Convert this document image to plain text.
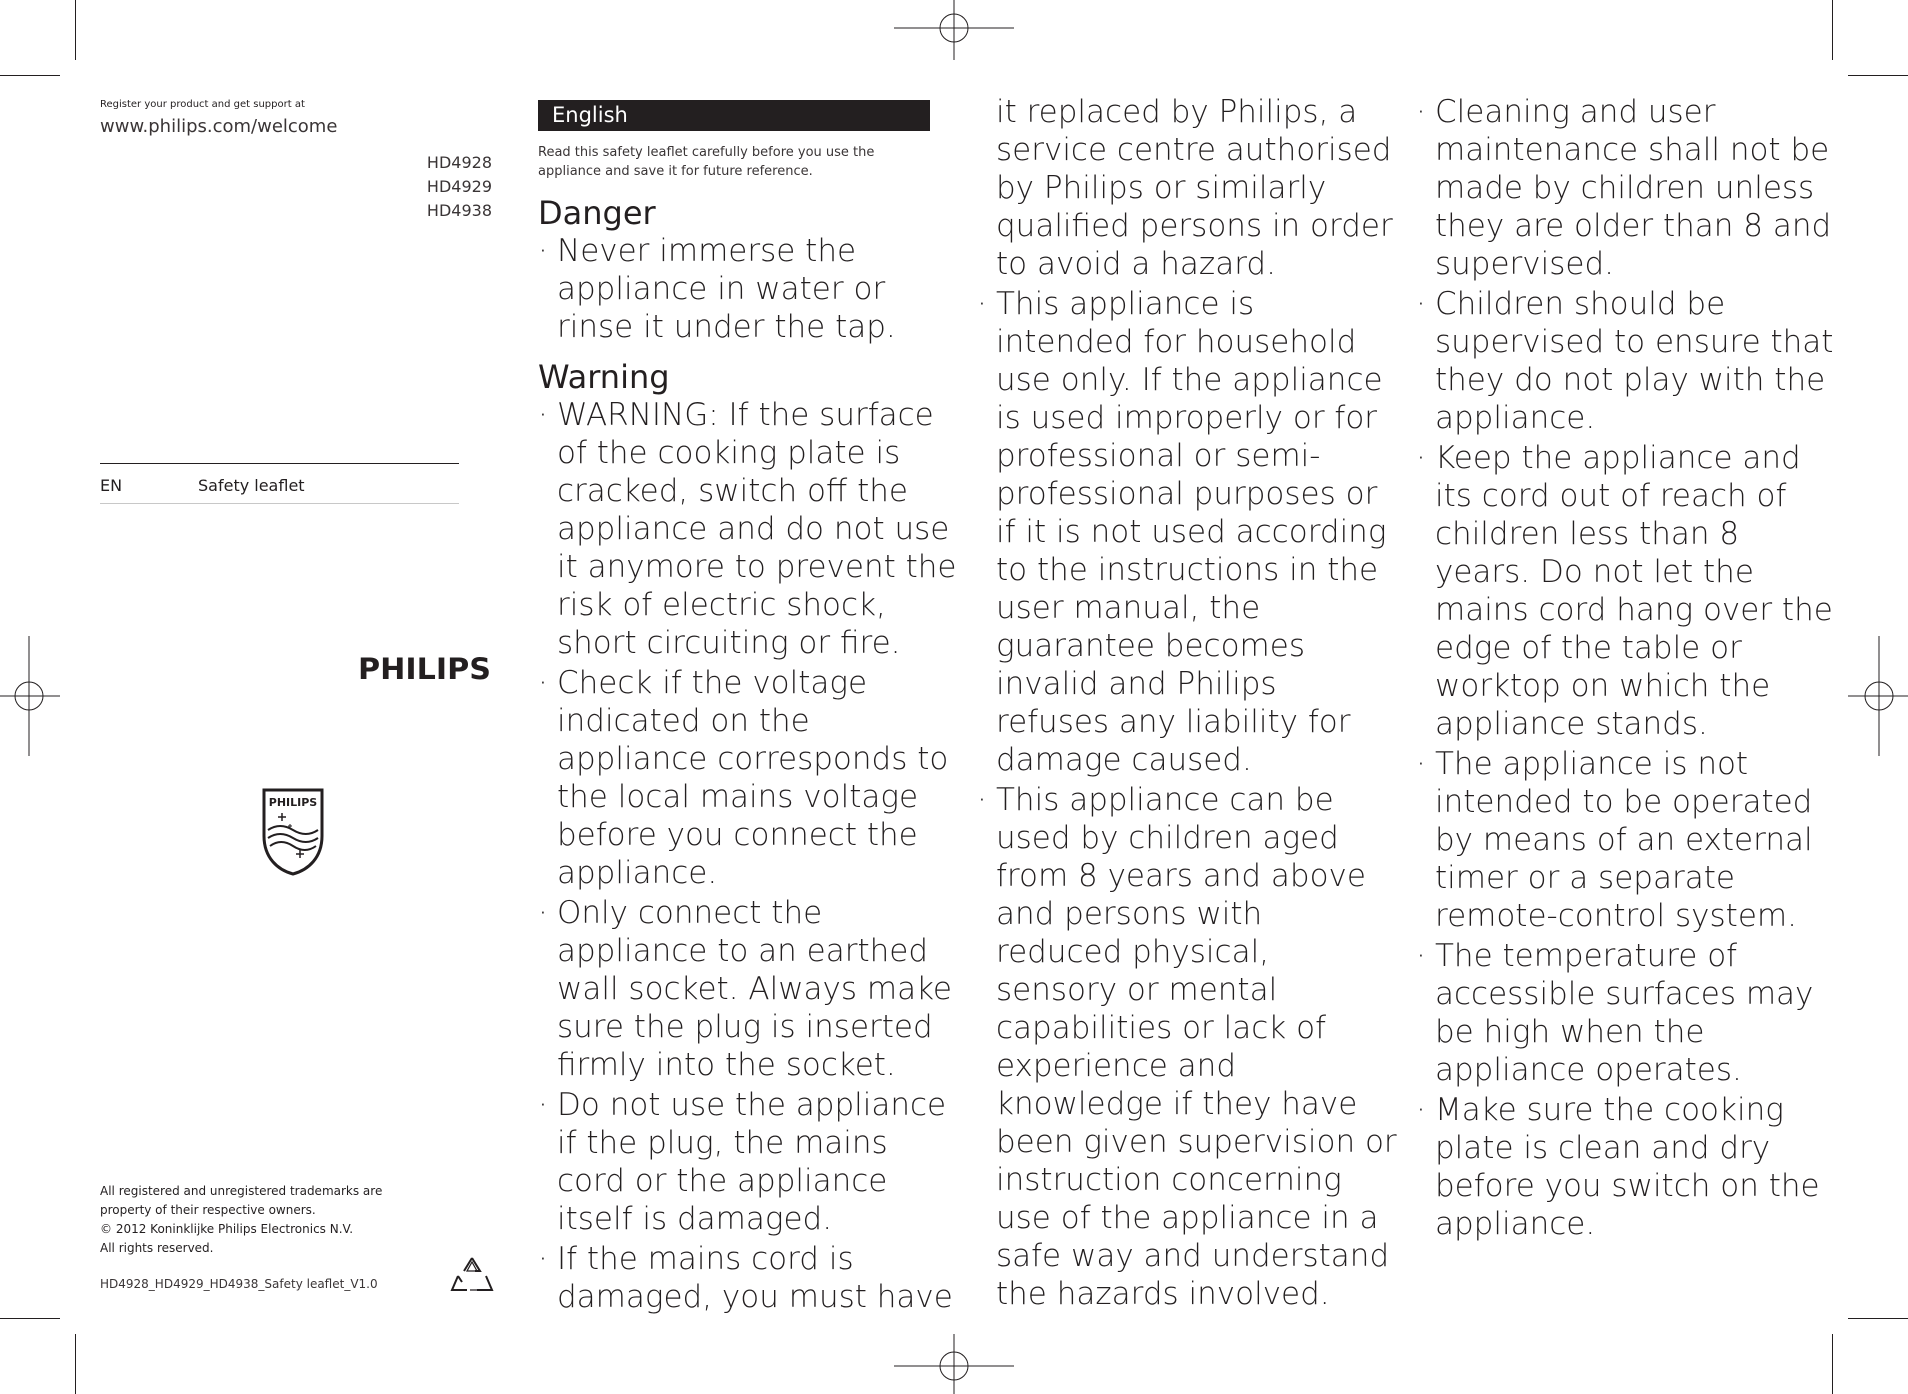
Register your product and get support at
www.philips.com/welcome
HD4928
HD4929
HD4938
EN	Safety leaflet
PHILIPS
PHILIPS
All registered and unregistered trademarks are
property of their respective owners.
© 2012 Koninklijke Philips Electronics N.V.
All rights reserved.
HD4928_HD4929_HD4938_Safety leaflet_V1.0
English
Read this safety leaflet carefully before you use the appliance and save it for future reference.
Danger
· Never immerse the appliance in water or rinse it under the tap.
Warning
· WARNING: If the surface of the cooking plate is cracked, switch off the appliance and do not use it anymore to prevent the risk of electric shock, short circuiting or fire.
· Check if the voltage indicated on the appliance corresponds to the local mains voltage before you connect the appliance.
· Only connect the appliance to an earthed wall socket. Always make sure the plug is inserted firmly into the socket.
· Do not use the appliance if the plug, the mains cord or the appliance itself is damaged.
· If the mains cord is damaged, you must have

it replaced by Philips, a service centre authorised by Philips or similarly qualified persons in order to avoid a hazard.

· This appliance is intended for household use only. If the appliance is used improperly or for professional or semi-professional purposes or if it is not used according to the instructions in the user manual, the guarantee becomes invalid and Philips refuses any liability for damage caused.
· This appliance can be used by children aged from 8 years and above and persons with reduced physical, sensory or mental capabilities or lack of experience and knowledge if they have been given supervision or instruction concerning use of the appliance in a safe way and understand the hazards involved.
· Cleaning and user maintenance shall not be made by children unless they are older than 8 and supervised.
· Children should be supervised to ensure that they do not play with the appliance.
· Keep the appliance and its cord out of reach of children less than 8 years. Do not let the mains cord hang over the edge of the table or worktop on which the appliance stands.
· The appliance is not intended to be operated by means of an external timer or a separate remote-control system.
· The temperature of accessible surfaces may be high when the appliance operates.
· Make sure the cooking plate is clean and dry before you switch on the appliance.
